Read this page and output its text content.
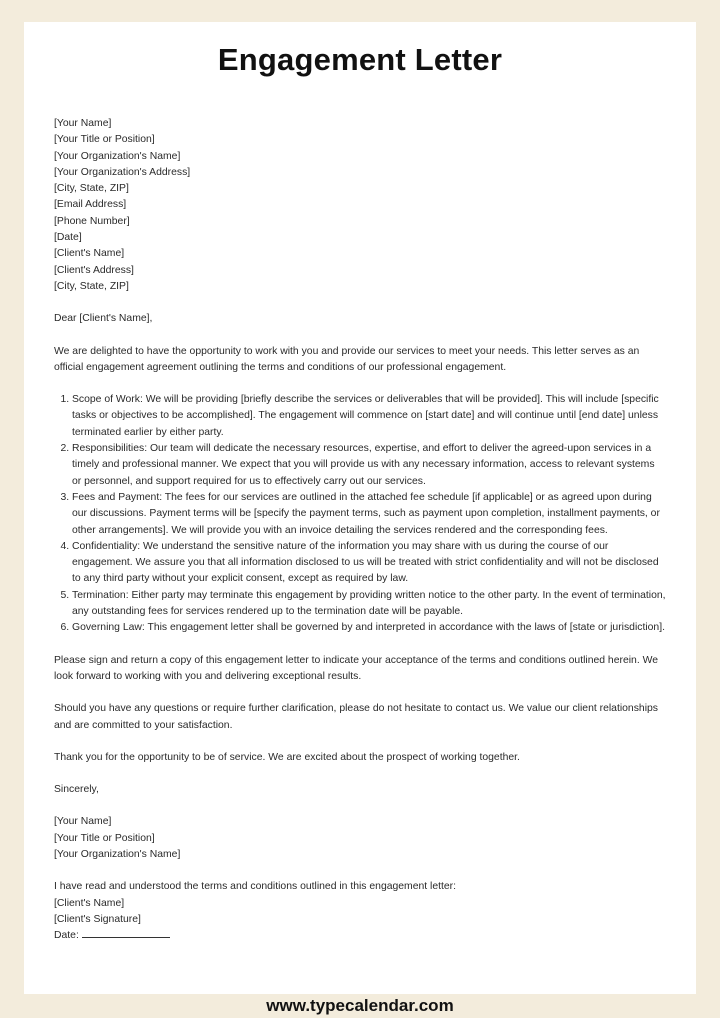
Engagement Letter
[Your Name]
[Your Title or Position]
[Your Organization's Name]
[Your Organization's Address]
[City, State, ZIP]
[Email Address]
[Phone Number]
[Date]
[Client's Name]
[Client's Address]
[City, State, ZIP]

Dear [Client's Name],

We are delighted to have the opportunity to work with you and provide our services to meet your needs. This letter serves as an official engagement agreement outlining the terms and conditions of our professional engagement.

1. Scope of Work: We will be providing [briefly describe the services or deliverables that will be provided]. This will include [specific tasks or objectives to be accomplished]. The engagement will commence on [start date] and will continue until [end date] unless terminated earlier by either party.
2. Responsibilities: Our team will dedicate the necessary resources, expertise, and effort to deliver the agreed-upon services in a timely and professional manner. We expect that you will provide us with any necessary information, access to relevant systems or personnel, and support required for us to effectively carry out our services.
3. Fees and Payment: The fees for our services are outlined in the attached fee schedule [if applicable] or as agreed upon during our discussions. Payment terms will be [specify the payment terms, such as payment upon completion, installment payments, or other arrangements]. We will provide you with an invoice detailing the services rendered and the corresponding fees.
4. Confidentiality: We understand the sensitive nature of the information you may share with us during the course of our engagement. We assure you that all information disclosed to us will be treated with strict confidentiality and will not be disclosed to any third party without your explicit consent, except as required by law.
5. Termination: Either party may terminate this engagement by providing written notice to the other party. In the event of termination, any outstanding fees for services rendered up to the termination date will be payable.
6. Governing Law: This engagement letter shall be governed by and interpreted in accordance with the laws of [state or jurisdiction].

Please sign and return a copy of this engagement letter to indicate your acceptance of the terms and conditions outlined herein. We look forward to working with you and delivering exceptional results.

Should you have any questions or require further clarification, please do not hesitate to contact us. We value our client relationships and are committed to your satisfaction.

Thank you for the opportunity to be of service. We are excited about the prospect of working together.

Sincerely,

[Your Name]
[Your Title or Position]
[Your Organization's Name]
I have read and understood the terms and conditions outlined in this engagement letter:
[Client's Name]
[Client's Signature]
Date:
www.typecalendar.com
